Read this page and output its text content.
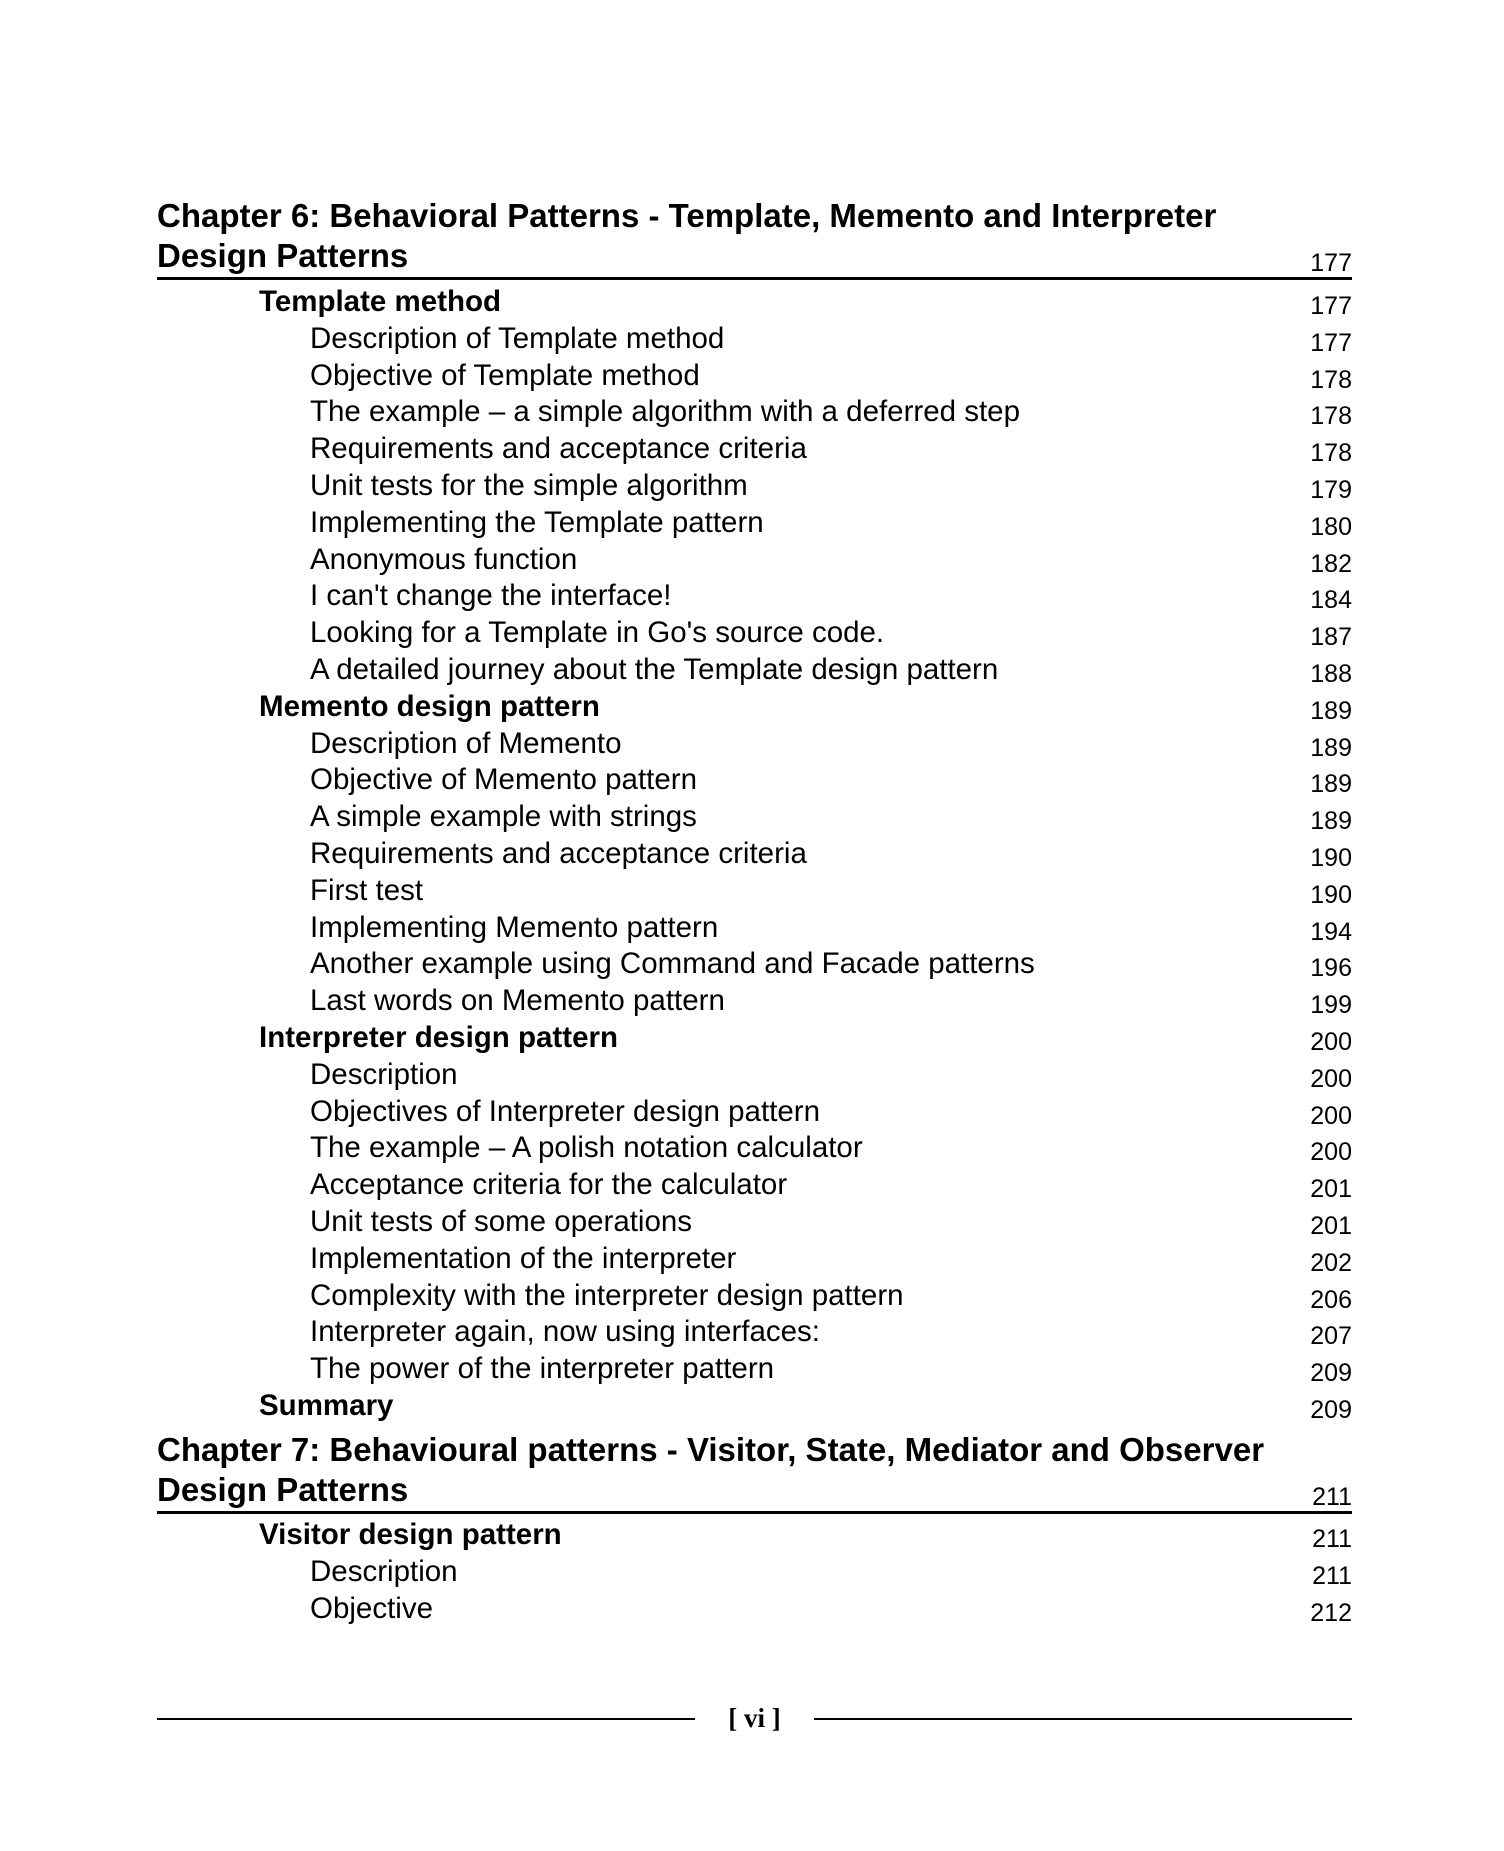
Chapter 6: Behavioral Patterns - Template, Memento and Interpreter
Design Patterns	177
Template method	177
Description of Template method	177
Objective of Template method	178
The example – a simple algorithm with a deferred step	178
Requirements and acceptance criteria	178
Unit tests for the simple algorithm	179
Implementing the Template pattern	180
Anonymous function	182
I can't change the interface!	184
Looking for a Template in Go's source code.	187
A detailed journey about the Template design pattern	188
Memento design pattern	189
Description of Memento	189
Objective of Memento pattern	189
A simple example with strings	189
Requirements and acceptance criteria	190
First test	190
Implementing Memento pattern	194
Another example using Command and Facade patterns	196
Last words on Memento pattern	199
Interpreter design pattern	200
Description	200
Objectives of Interpreter design pattern	200
The example – A polish notation calculator	200
Acceptance criteria for the calculator	201
Unit tests of some operations	201
Implementation of the interpreter	202
Complexity with the interpreter design pattern	206
Interpreter again, now using interfaces:	207
The power of the interpreter pattern	209
Summary	209
Chapter 7: Behavioural patterns - Visitor, State, Mediator and Observer
Design Patterns	211
Visitor design pattern	211
Description	211
Objective	212
[ vi ]
